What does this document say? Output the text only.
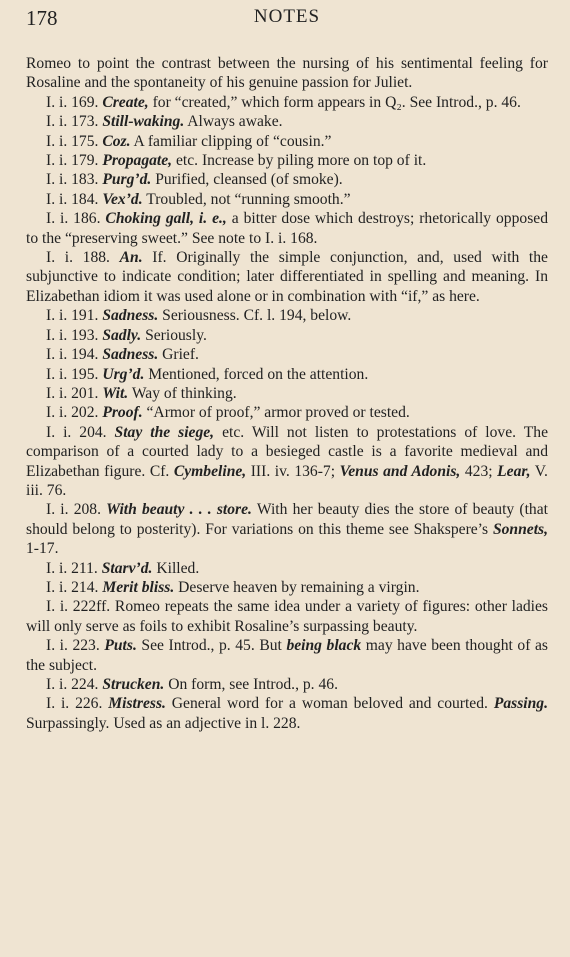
178	NOTES

Romeo to point the contrast between the nursing of his sentimental feeling for Rosaline and the spontaneity of his genuine passion for Juliet.

I. i. 169. Create, for “created,” which form appears in Q₂. See Introd., p. 46.

I. i. 173. Still-waking. Always awake.

I. i. 175. Coz. A familiar clipping of “cousin.”

I. i. 179. Propagate, etc. Increase by piling more on top of it.

I. i. 183. Purg’d. Purified, cleansed (of smoke).

I. i. 184. Vex’d. Troubled, not “running smooth.”

I. i. 186. Choking gall, i. e., a bitter dose which destroys; rhetorically opposed to the “preserving sweet.” See note to I. i. 168.

I. i. 188. An. If. Originally the simple conjunction, and, used with the subjunctive to indicate condition; later differentiated in spelling and meaning. In Elizabethan idiom it was used alone or in combination with “if,” as here.

I. i. 191. Sadness. Seriousness. Cf. l. 194, below.

I. i. 193. Sadly. Seriously.

I. i. 194. Sadness. Grief.

I. i. 195. Urg’d. Mentioned, forced on the attention.

I. i. 201. Wit. Way of thinking.

I. i. 202. Proof. “Armor of proof,” armor proved or tested.

I. i. 204. Stay the siege, etc. Will not listen to protestations of love. The comparison of a courted lady to a besieged castle is a favorite medieval and Elizabethan figure. Cf. Cymbeline, III. iv. 136-7; Venus and Adonis, 423; Lear, V. iii. 76.

I. i. 208. With beauty . . . store. With her beauty dies the store of beauty (that should belong to posterity). For variations on this theme see Shakspere’s Sonnets, 1-17.

I. i. 211. Starv’d. Killed.

I. i. 214. Merit bliss. Deserve heaven by remaining a virgin.

I. i. 222ff. Romeo repeats the same idea under a variety of figures: other ladies will only serve as foils to exhibit Rosaline’s surpassing beauty.

I. i. 223. Puts. See Introd., p. 45. But being black may have been thought of as the subject.

I. i. 224. Strucken. On form, see Introd., p. 46.

I. i. 226. Mistress. General word for a woman beloved and courted. Passing. Surpassingly. Used as an adjective in l. 228.
